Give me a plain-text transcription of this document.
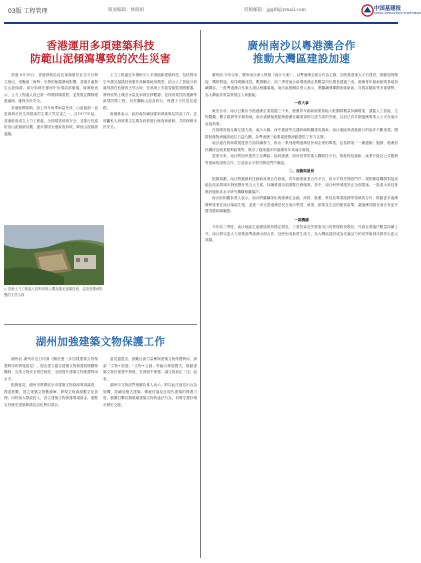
03版 工程管理	版面编辑：林晓娟	投稿邮箱：jgglfl@ymail.com	中国基建报
CHINA INFRASTRUCTURE NEWS
香港運用多項建築科技
防範山泥傾瀉導致的次生災害

香港 9月19日，香港發展局局長甯漢豪於社交平台發文指出，受颱風「海葵」引發的極端暴雨影響，香港多處發生山泥傾瀉，部分斜坡在暴雨中出現局部崩塌。甯漢豪表示，土力工程處人員已第一時間到場視察，並按既定機制跟進處理，確保市民安全。

香港地勢陡峭，加上每年雨季雨量充沛，山泥傾瀉一直是威脅市民生命財產的主要天然災害之一。自1977年起，香港政府成立土力工程處，全面規管斜坡安全，並推行長遠防治山泥傾瀉計劃，逐步鞏固全港政府斜坡，降低山泥傾瀉風險。

△ 香港土力工程處人員利用無人機及激光掃描技術，巡查受暴雨影響的天然山坡

土力工程處近年積極引入多項創新建築科技，包括利用空中激光掃描技術製作高解像地形模型，結合人工智能分析識別潛在危險的天然山坡；在斜坡上安裝智能監測感應器，實時收集土壤含水量及斜坡位移數據；並採用柔性防護網等新型防禦工程，有效攔截山泥及碎石，保護下方民居及道路。

甯漢豪表示，政府會持續加強斜坡維修及防治工作，並呼籲私人斜坡業主定期為斜坡進行檢查和維修，共同保障市民安全。

湖州加強建築文物保護工作

湖州訊 湖州市近日印發《關於進一步加強建築文物保護利用的實施意見》，提出建立健全建築文物保護管理體制機制，完善文物安全責任制度，全面提升建築文物保護利用水平。

根據意見，湖州市將開展全市建築文物資源專項調查，摸清底數，建立建築文物數據庫，實現文物資源數字化管理；同時加大財政投入，設立建築文物保護專項資金，重點支持歷史建築修繕及活化利用項目。

意見還提出，鼓勵社會力量參與建築文物保護利用，探索「文物+旅遊」「文物+文創」等融合發展模式，推動建築文物在保護中發展、在發展中保護，讓文物真正「活」起來。

湖州市文物部門相關負責人表示，將以此次意見出台為契機，持續加強古建築、傳統村落及近現代建築的保護力度，嚴厲打擊各類破壞建築文物的違法行為，切實守護好城市歷史文脈。

廣州南沙以粵港澳合作
推動大灣區建設加速

廣州訊 今年以來，廣州南沙深入實施《南沙方案》，以粵港澳全面合作為主線，加快推進重大平台建設，推動規則銜接、機制對接，取得明顯成效。數據顯示，前三季度南沙新增港澳企業數量同比增長超過三成，港澳青年創新創業基地持續擴容，一批粵港澳合作重大項目相繼落地。南沙區相關負責人表示，將繼續發揮國家級新區、自貿試驗區等多重優勢，為大灣區高質量發展注入新動能。

一段大事

截至目前，南沙已累計引進港澳企業超過三千家，港澳青年創新創業基地入駐團隊數量持續增加，涵蓋人工智能、生物醫藥、數字經濟等多個領域。南沙還積極推動與港澳在職業資格互認方面的突破，目前已有多類港澳專業人士可在南沙直接執業。

在基礎設施互聯互通方面，南沙大橋、深中通道等交通幹線相繼建成通車，南沙港區與香港港口的協作不斷加強，國際航運物流樞紐地位日益凸顯，為粵港澳三地要素便捷流動提供了有力支撐。

南沙還在營商環境建設方面持續發力，推出一系列便利港澳居民和企業的舉措，包括跨境「一網通辦」服務、港澳居民購房及就業便利政策等，吸引了越來越多的港澳青年來南沙發展。

展望未來，南沙將加快建設立足灣區、協同港澳、面向世界的重大戰略性平台，推進科技創新、產業升級及公共服務等領域的深度合作，打造高水平對外開放門戶樞紐。

二、規劃與發展

根據規劃，南沙將圍繞科技創新產業合作基地、青年創業就業合作平台、高水平對外開放門戶、規則銜接機制對接高地及高品質城市發展標杆等五大方面，持續推進各項重點任務落實。其中，南沙科學城建設正全面提速，一批重大科技基礎設施和高水平研究機構相繼落戶。

南沙區相關負責人表示，南沙將繼續深化與港澳在金融、商貿、航運、科技及專業服務等領域的合作，推動更多港澳優勢產業在南沙落地生根，並進一步完善港澳居民在南沙學習、就業、創業及生活的配套政策，讓港澳同胞在南沙有更多獲得感和歸屬感。

一期機構

今年前三季度，南沙地區生產總值保持穩定增長，工業投資及外貿進出口均實現較快增長，外資企業落戶數量持續上升。南沙將以更大力度推進粵港澳全面合作，加快形成新質生產力，為大灣區建設成為充滿活力的世界級城市群作出更大貢獻。
